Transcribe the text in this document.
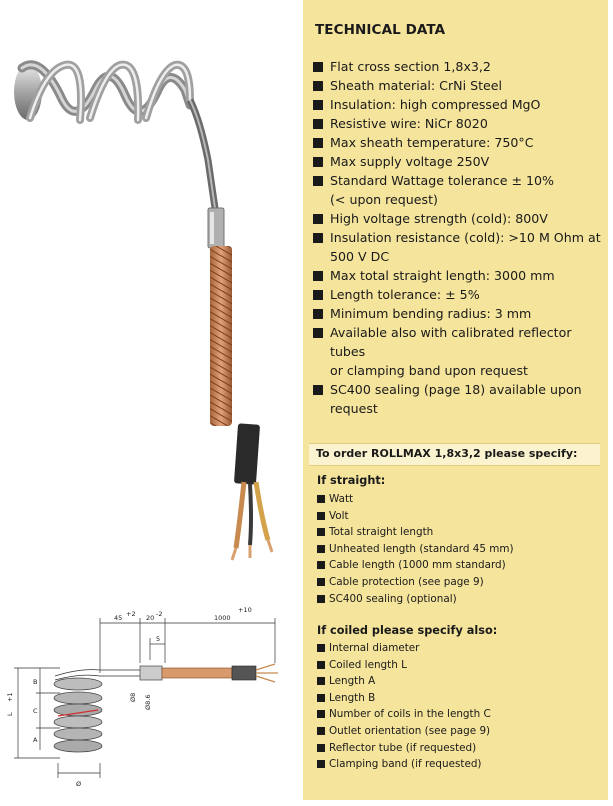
45 +2 20 -2	1000
+10
5
Ø8 Ø8.6
B
C
A
L
+1
Ø
TECHNICAL DATA
Flat cross section 1,8x3,2
Sheath material: CrNi Steel
Insulation: high compressed MgO
Resistive wire: NiCr 8020
Max sheath temperature: 750°C
Max supply voltage 250V
Standard Wattage tolerance ± 10%
(< upon request)
High voltage strength (cold): 800V
Insulation resistance (cold): >10 M Ohm at
500 V DC
Max total straight length: 3000 mm
Length tolerance: ± 5%
Minimum bending radius: 3 mm
Available also with calibrated reflector tubes
or clamping band upon request
SC400 sealing (page 18) available upon
request
To order ROLLMAX 1,8x3,2 please specify:
If straight:
Watt
Volt
Total straight length
Unheated length (standard 45 mm)
Cable length (1000 mm standard)
Cable protection (see page 9)
SC400 sealing (optional)
If coiled please specify also:
Internal diameter
Coiled length L
Length A
Length B
Number of coils in the length C
Outlet orientation (see page 9)
Reflector tube (if requested)
Clamping band (if requested)
